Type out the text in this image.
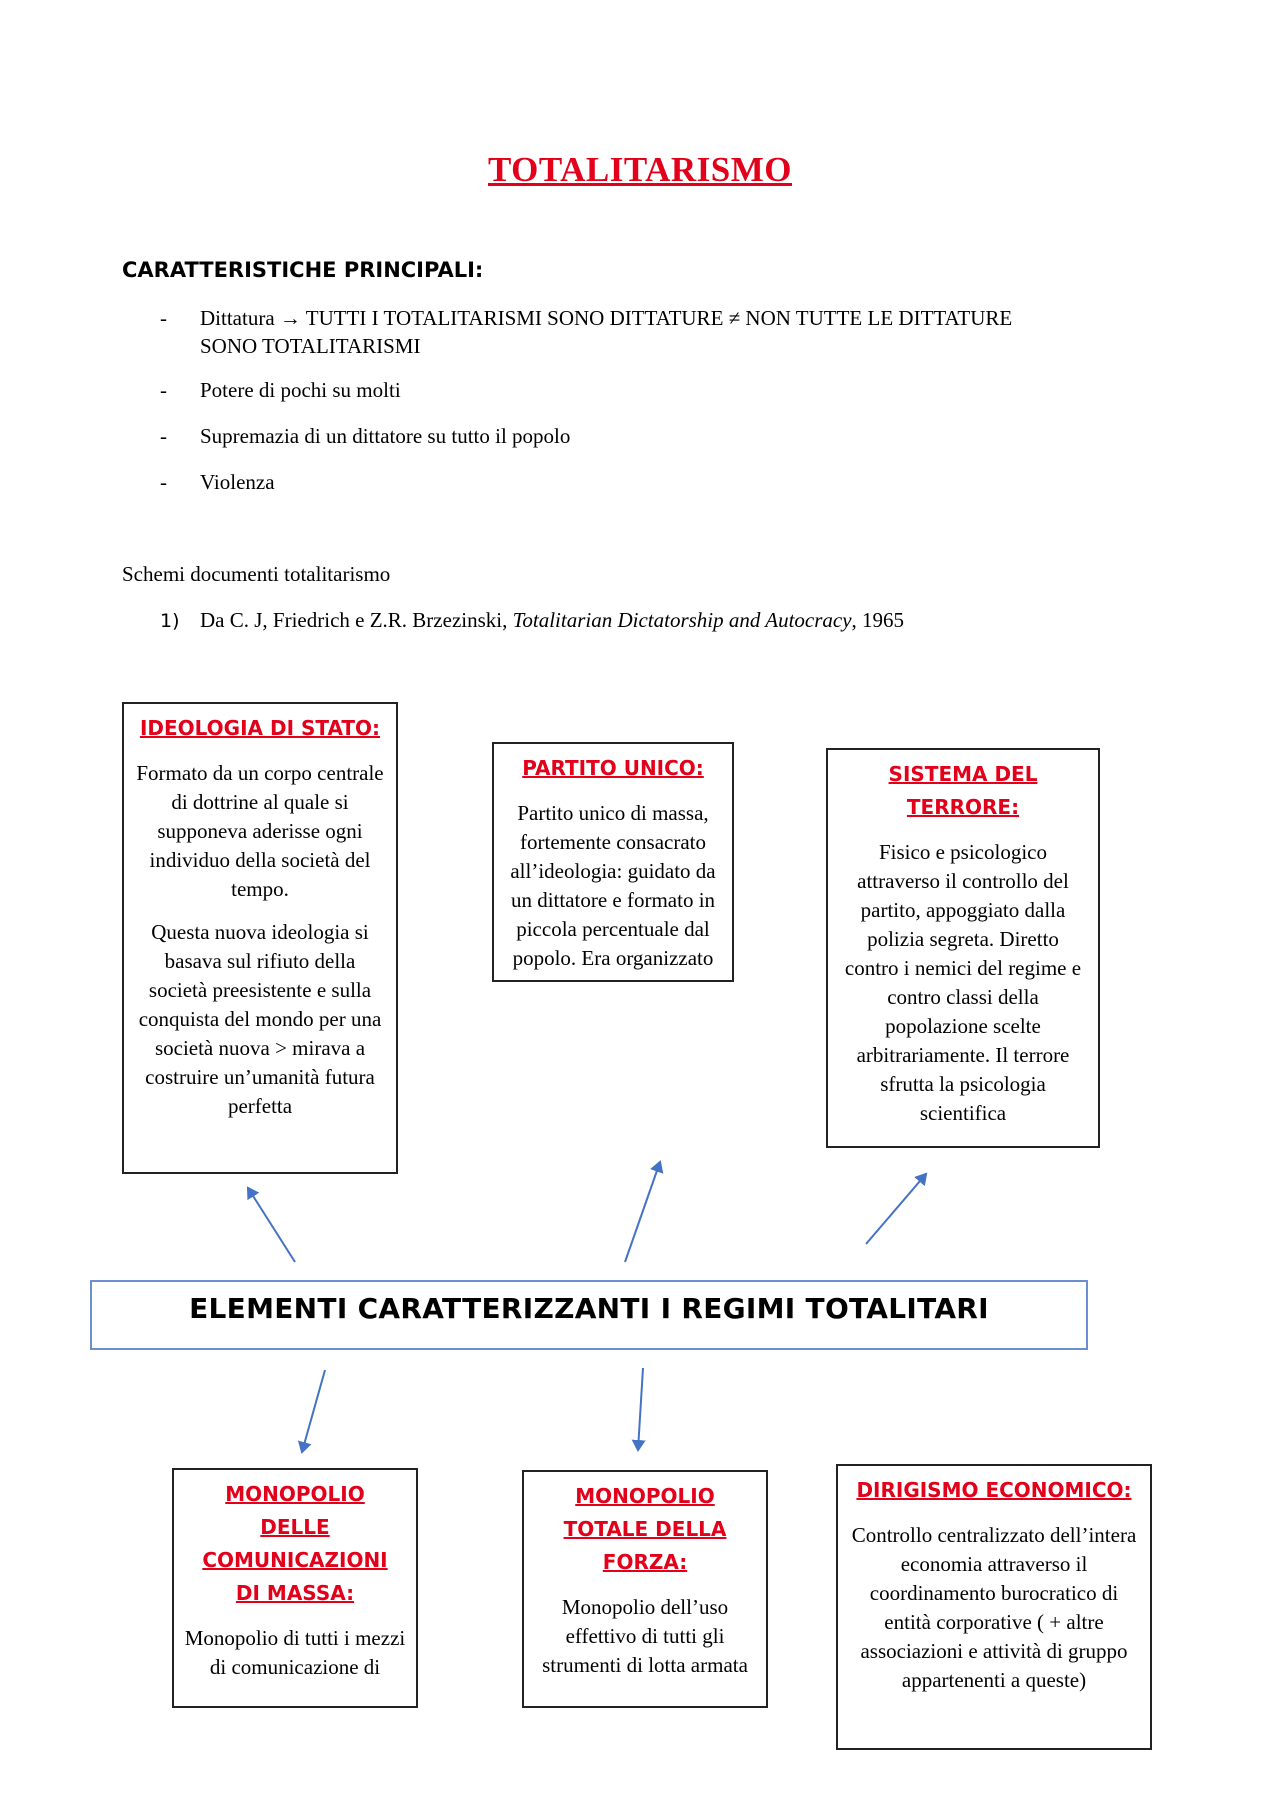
TOTALITARISMO
CARATTERISTICHE PRINCIPALI:
- Dittatura → TUTTI I TOTALITARISMI SONO DITTATURE ≠ NON TUTTE LE DITTATURE SONO TOTALITARISMI
- Potere di pochi su molti
- Supremazia di un dittatore su tutto il popolo
- Violenza
Schemi documenti totalitarismo
1) Da C. J, Friedrich e Z.R. Brzezinski, Totalitarian Dictatorship and Autocracy, 1965
IDEOLOGIA DI STATO:

Formato da un corpo centrale di dottrine al quale si supponeva aderisse ogni individuo della società del tempo.

Questa nuova ideologia si basava sul rifiuto della società preesistente e sulla conquista del mondo per una società nuova > mirava a costruire un’umanità futura perfetta

PARTITO UNICO:

Partito unico di massa, fortemente consacrato all’ideologia: guidato da un dittatore e formato in piccola percentuale dal popolo. Era organizzato

SISTEMA DEL TERRORE:

Fisico e psicologico attraverso il controllo del partito, appoggiato dalla polizia segreta. Diretto contro i nemici del regime e contro classi della popolazione scelte arbitrariamente. Il terrore sfrutta la psicologia scientifica

ELEMENTI CARATTERIZZANTI I REGIMI TOTALITARI
MONOPOLIO DELLE COMUNICAZIONI DI MASSA:

Monopolio di tutti i mezzi di comunicazione di

MONOPOLIO TOTALE DELLA FORZA:

Monopolio dell’uso effettivo di tutti gli strumenti di lotta armata

DIRIGISMO ECONOMICO:

Controllo centralizzato dell’intera economia attraverso il coordinamento burocratico di entità corporative ( + altre associazioni e attività di gruppo appartenenti a queste)
